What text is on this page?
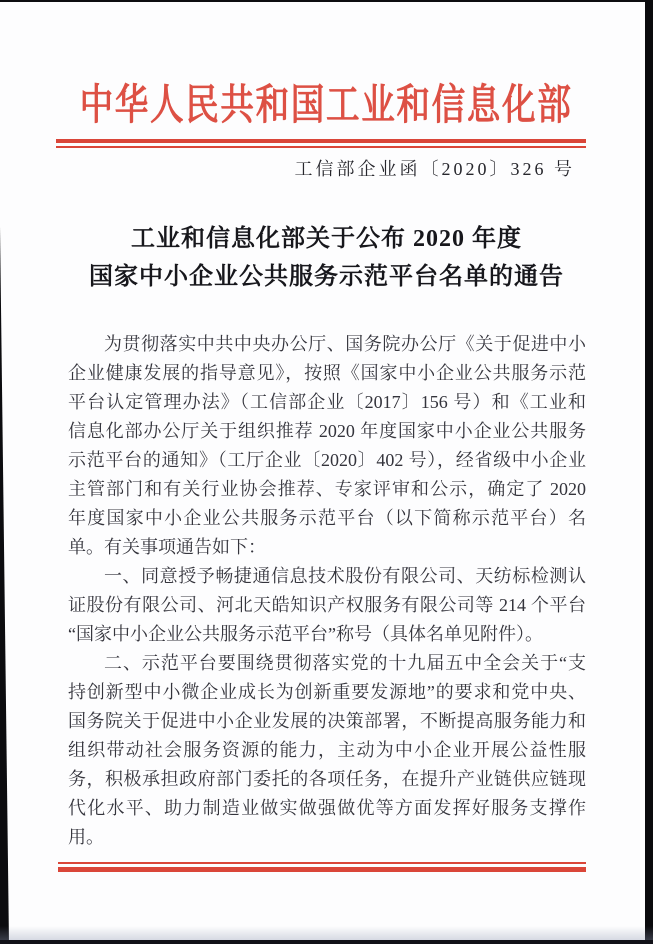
中华人民共和国工业和信息化部
工信部企业函〔2020〕326 号
工业和信息化部关于公布 2020 年度
国家中小企业公共服务示范平台名单的通告
为贯彻落实中共中央办公厅、国务院办公厅《关于促进中小
企业健康发展的指导意见》，按照《国家中小企业公共服务示范
平台认定管理办法》（工信部企业〔2017〕156 号）和《工业和
信息化部办公厅关于组织推荐 2020 年度国家中小企业公共服务
示范平台的通知》（工厅企业〔2020〕402 号），经省级中小企业
主管部门和有关行业协会推荐、专家评审和公示，确定了 2020
年度国家中小企业公共服务示范平台（以下简称示范平台）名
单。有关事项通告如下：
一、同意授予畅捷通信息技术股份有限公司、天纺标检测认
证股份有限公司、河北天皓知识产权服务有限公司等 214 个平台
“国家中小企业公共服务示范平台”称号（具体名单见附件）。
二、示范平台要围绕贯彻落实党的十九届五中全会关于“支
持创新型中小微企业成长为创新重要发源地”的要求和党中央、
国务院关于促进中小企业发展的决策部署，不断提高服务能力和
组织带动社会服务资源的能力，主动为中小企业开展公益性服
务，积极承担政府部门委托的各项任务，在提升产业链供应链现
代化水平、助力制造业做实做强做优等方面发挥好服务支撑作
用。
